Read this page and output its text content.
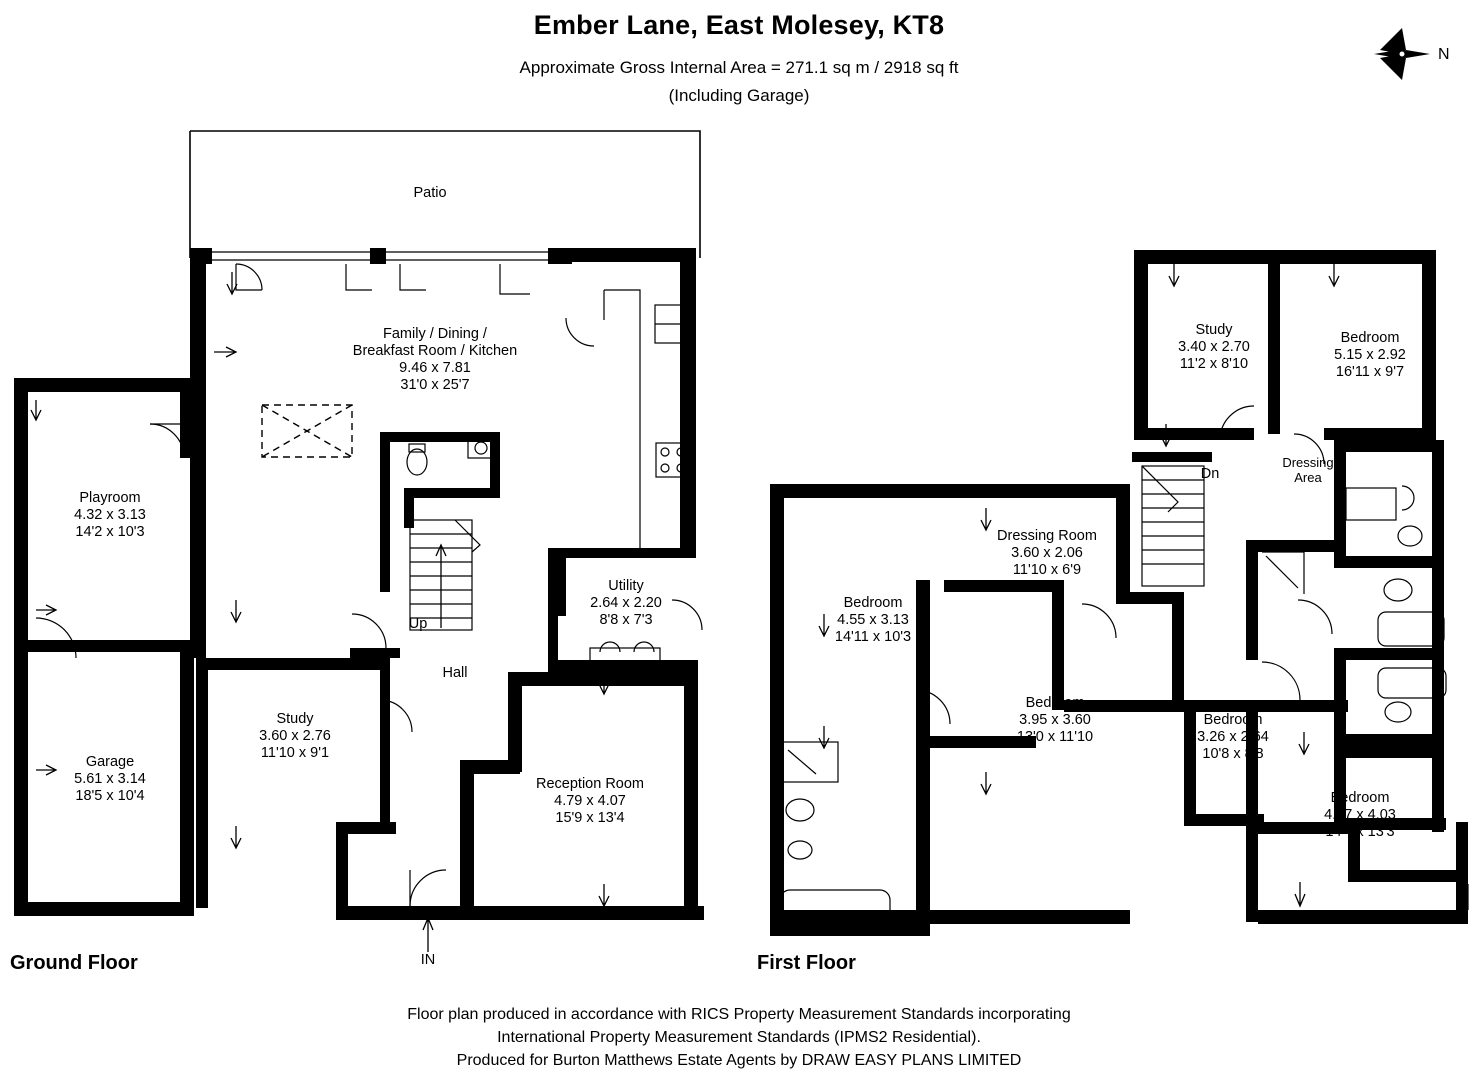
Ember Lane, East Molesey, KT8
Approximate Gross Internal Area = 271.1 sq m / 2918 sq ft
(Including Garage)
N
Patio
Family / Dining /
Breakfast Room / Kitchen
9.46 x 7.81
31'0 x 25'7
Playroom
4.32 x 3.13
14'2 x 10'3
Garage
5.61 x 3.14
18'5 x 10'4
Study
3.60 x 2.76
11'10 x 9'1
Hall
Utility
2.64 x 2.20
8'8 x 7'3
Reception Room
4.79 x 4.07
15'9 x 13'4
Up
IN
Study
3.40 x 2.70
11'2 x 8'10
Bedroom
5.15 x 2.92
16'11 x 9'7
Dressing
Area
Dressing Room
3.60 x 2.06
11'10 x 6'9
Bedroom
4.55 x 3.13
14'11 x 10'3
Bedroom
3.95 x 3.60
13'0 x 11'10
Bedroom
3.26 x 2.64
10'8 x 8'8
Bedroom
4.37 x 4.03
14'4 x 13'3
Dn
Ground Floor	First Floor
Floor plan produced in accordance with RICS Property Measurement Standards incorporating
International Property Measurement Standards (IPMS2 Residential).
Produced for Burton Matthews Estate Agents by DRAW EASY PLANS LIMITED
